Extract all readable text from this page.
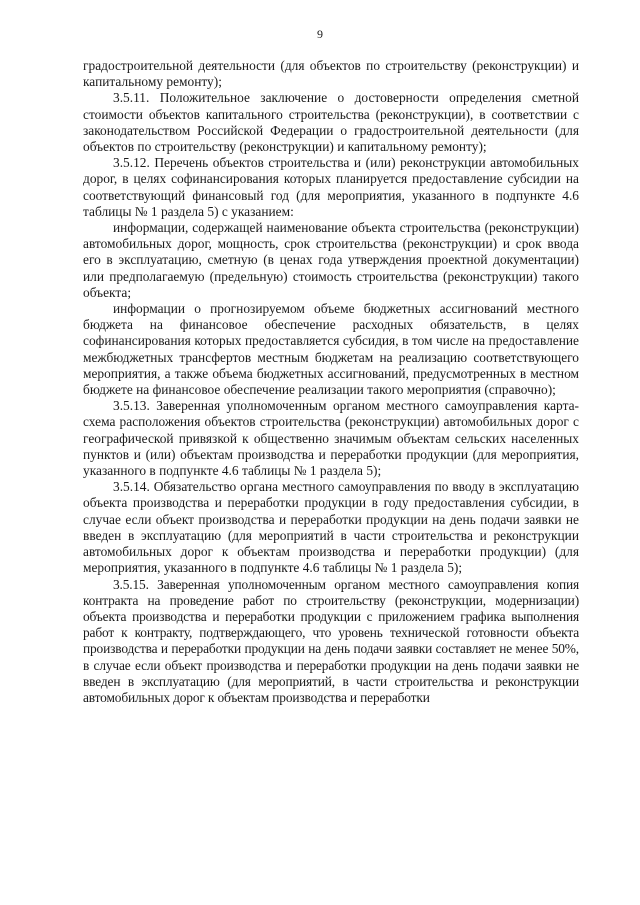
9

градостроительной деятельности (для объектов по строительству (реконструкции) и капитальному ремонту);

3.5.11. Положительное заключение о достоверности определения сметной стоимости объектов капитального строительства (реконструкции), в соответствии с законодательством Российской Федерации о градостроительной деятельности (для объектов по строительству (реконструкции) и капитальному ремонту);

3.5.12. Перечень объектов строительства и (или) реконструкции автомобильных дорог, в целях софинансирования которых планируется предоставление субсидии на соответствующий финансовый год (для мероприятия, указанного в подпункте 4.6 таблицы № 1 раздела 5) с указанием:

информации, содержащей наименование объекта строительства (реконструкции) автомобильных дорог, мощность, срок строительства (реконструкции) и срок ввода его в эксплуатацию, сметную (в ценах года утверждения проектной документации) или предполагаемую (предельную) стоимость строительства (реконструкции) такого объекта;

информации о прогнозируемом объеме бюджетных ассигнований местного бюджета на финансовое обеспечение расходных обязательств, в целях софинансирования которых предоставляется субсидия, в том числе на предоставление межбюджетных трансфертов местным бюджетам на реализацию соответствующего мероприятия, а также объема бюджетных ассигнований, предусмотренных в местном бюджете на финансовое обеспечение реализации такого мероприятия (справочно);

3.5.13. Заверенная уполномоченным органом местного самоуправления карта-схема расположения объектов строительства (реконструкции) автомобильных дорог с географической привязкой к общественно значимым объектам сельских населенных пунктов и (или) объектам производства и переработки продукции (для мероприятия, указанного в подпункте 4.6 таблицы № 1 раздела 5);

3.5.14. Обязательство органа местного самоуправления по вводу в эксплуатацию объекта производства и переработки продукции в году предоставления субсидии, в случае если объект производства и переработки продукции на день подачи заявки не введен в эксплуатацию (для мероприятий в части строительства и реконструкции автомобильных дорог к объектам производства и переработки продукции) (для мероприятия, указанного в подпункте 4.6 таблицы № 1 раздела 5);

3.5.15. Заверенная уполномоченным органом местного самоуправления копия контракта на проведение работ по строительству (реконструкции, модернизации) объекта производства и переработки продукции с приложением графика выполнения работ к контракту, подтверждающего, что уровень технической готовности объекта производства и переработки продукции на день подачи заявки составляет не менее 50%, в случае если объект производства и переработки продукции на день подачи заявки не введен в эксплуатацию (для мероприятий, в части строительства и реконструкции автомобильных дорог к объектам производства и переработки
